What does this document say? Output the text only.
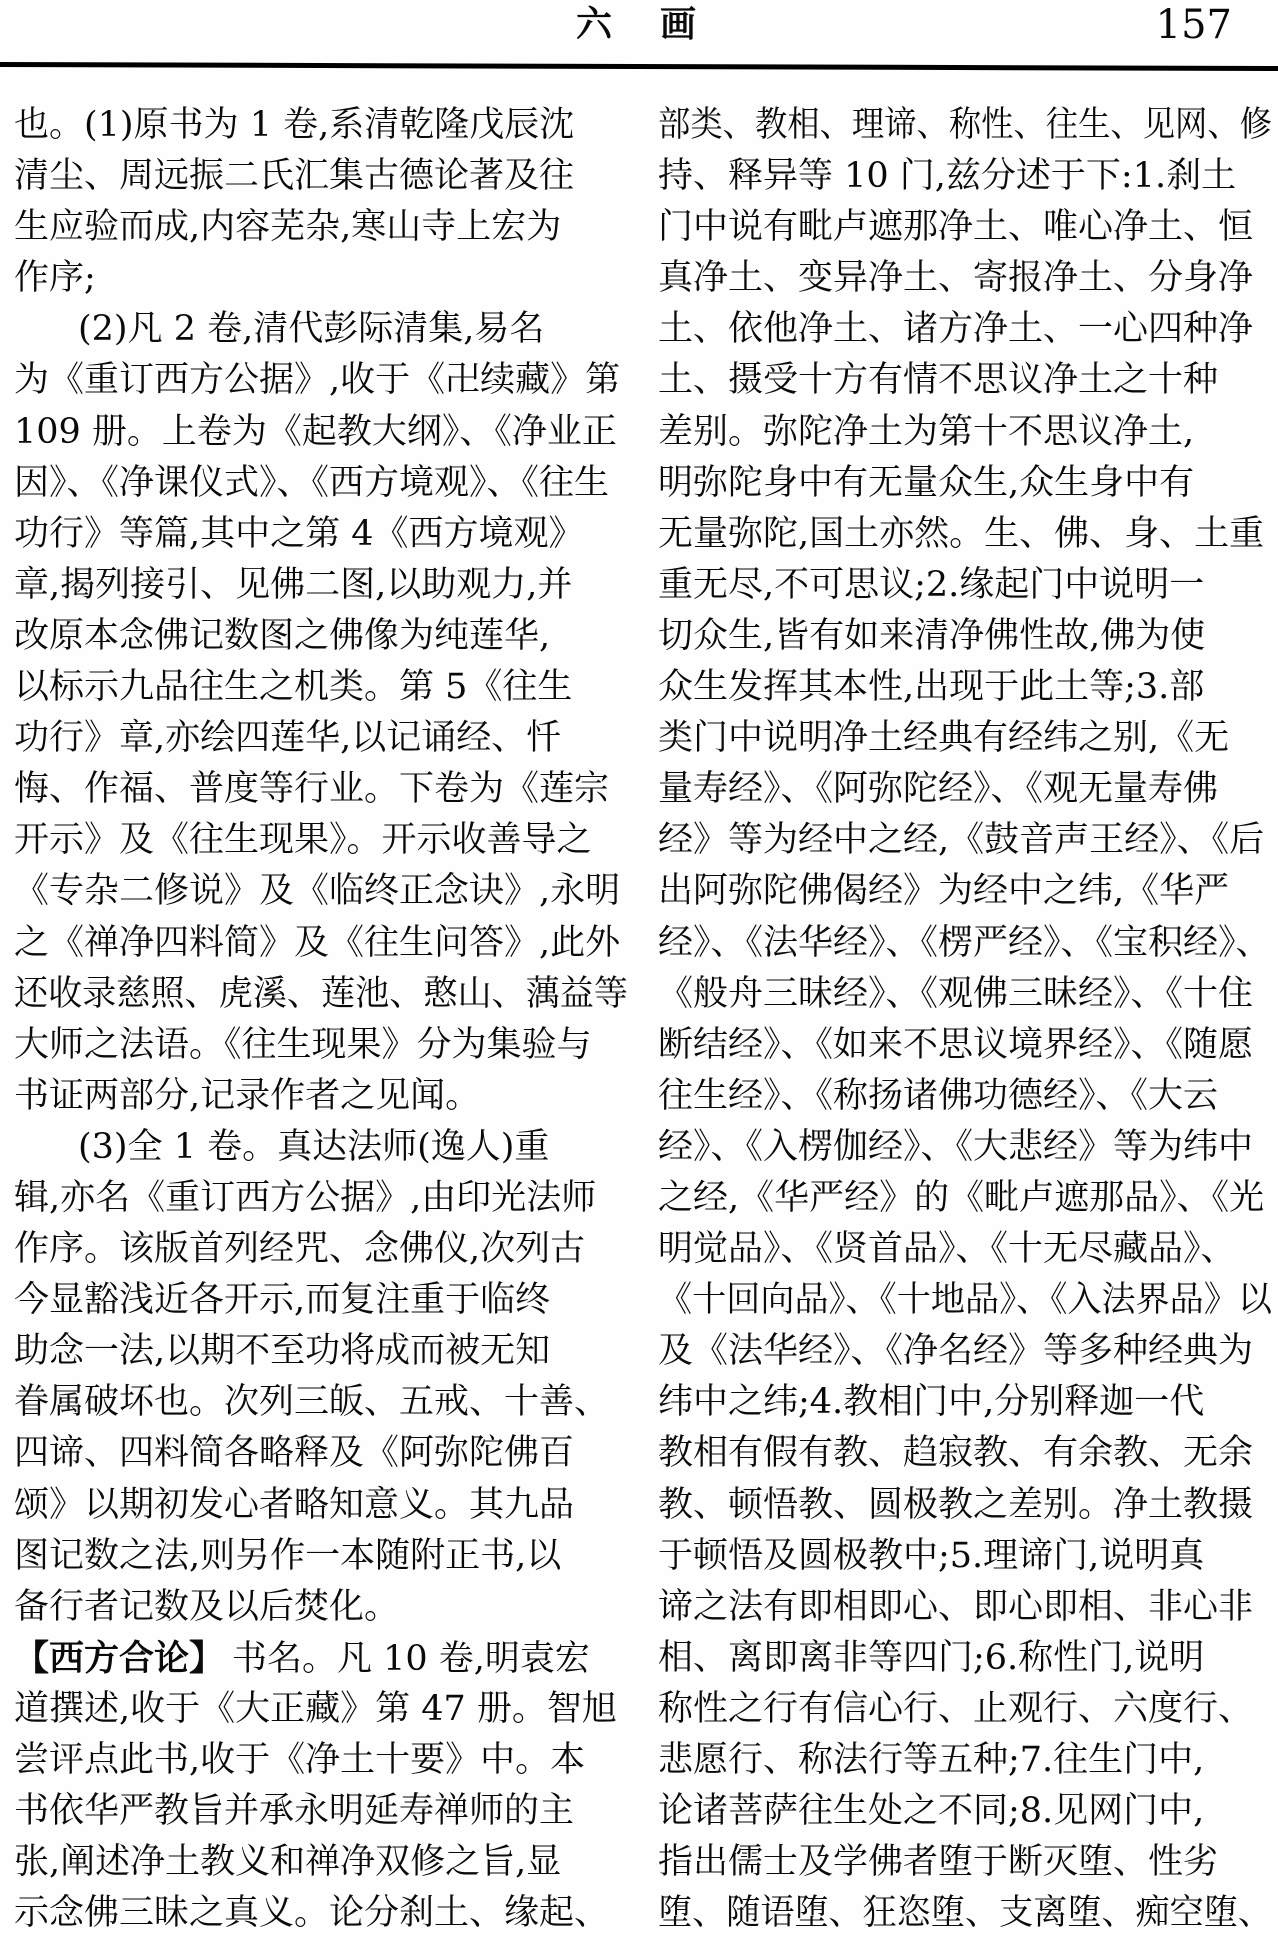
六　画	157
也。(1)原书为 1 卷,系清乾隆戊辰沈
清尘、周远振二氏汇集古德论著及往
生应验而成,内容芜杂,寒山寺上宏为
作序;
(2)凡 2 卷,清代彭际清集,易名
为《重订西方公据》,收于《卍续藏》第
109 册。上卷为《起教大纲》、《净业正
因》、《净课仪式》、《西方境观》、《往生
功行》等篇,其中之第 4《西方境观》
章,揭列接引、见佛二图,以助观力,并
改原本念佛记数图之佛像为纯莲华,
以标示九品往生之机类。第 5《往生
功行》章,亦绘四莲华,以记诵经、忏
悔、作福、普度等行业。下卷为《莲宗
开示》及《往生现果》。开示收善导之
《专杂二修说》及《临终正念诀》,永明
之《禅净四料简》及《往生问答》,此外
还收录慈照、虎溪、莲池、憨山、蕅益等
大师之法语。《往生现果》分为集验与
书证两部分,记录作者之见闻。
(3)全 1 卷。真达法师(逸人)重
辑,亦名《重订西方公据》,由印光法师
作序。该版首列经咒、念佛仪,次列古
今显豁浅近各开示,而复注重于临终
助念一法,以期不至功将成而被无知
眷属破坏也。次列三皈、五戒、十善、
四谛、四料简各略释及《阿弥陀佛百
颂》以期初发心者略知意义。其九品
图记数之法,则另作一本随附正书,以
备行者记数及以后焚化。
【西方合论】 书名。凡 10 卷,明袁宏
道撰述,收于《大正藏》第 47 册。智旭
尝评点此书,收于《净土十要》中。本
书依华严教旨并承永明延寿禅师的主
张,阐述净土教义和禅净双修之旨,显
示念佛三昧之真义。论分刹土、缘起、
部类、教相、理谛、称性、往生、见网、修
持、释异等 10 门,兹分述于下:1.刹土
门中说有毗卢遮那净土、唯心净土、恒
真净土、变异净土、寄报净土、分身净
土、依他净土、诸方净土、一心四种净
土、摄受十方有情不思议净土之十种
差别。弥陀净土为第十不思议净土,
明弥陀身中有无量众生,众生身中有
无量弥陀,国土亦然。生、佛、身、土重
重无尽,不可思议;2.缘起门中说明一
切众生,皆有如来清净佛性故,佛为使
众生发挥其本性,出现于此土等;3.部
类门中说明净土经典有经纬之别,《无
量寿经》、《阿弥陀经》、《观无量寿佛
经》等为经中之经,《鼓音声王经》、《后
出阿弥陀佛偈经》为经中之纬,《华严
经》、《法华经》、《楞严经》、《宝积经》、
《般舟三昧经》、《观佛三昧经》、《十住
断结经》、《如来不思议境界经》、《随愿
往生经》、《称扬诸佛功德经》、《大云
经》、《入楞伽经》、《大悲经》等为纬中
之经,《华严经》的《毗卢遮那品》、《光
明觉品》、《贤首品》、《十无尽藏品》、
《十回向品》、《十地品》、《入法界品》以
及《法华经》、《净名经》等多种经典为
纬中之纬;4.教相门中,分别释迦一代
教相有假有教、趋寂教、有余教、无余
教、顿悟教、圆极教之差别。净土教摄
于顿悟及圆极教中;5.理谛门,说明真
谛之法有即相即心、即心即相、非心非
相、离即离非等四门;6.称性门,说明
称性之行有信心行、止观行、六度行、
悲愿行、称法行等五种;7.往生门中,
论诸菩萨往生处之不同;8.见网门中,
指出儒士及学佛者堕于断灭堕、性劣
堕、随语堕、狂恣堕、支离堕、痴空堕、
